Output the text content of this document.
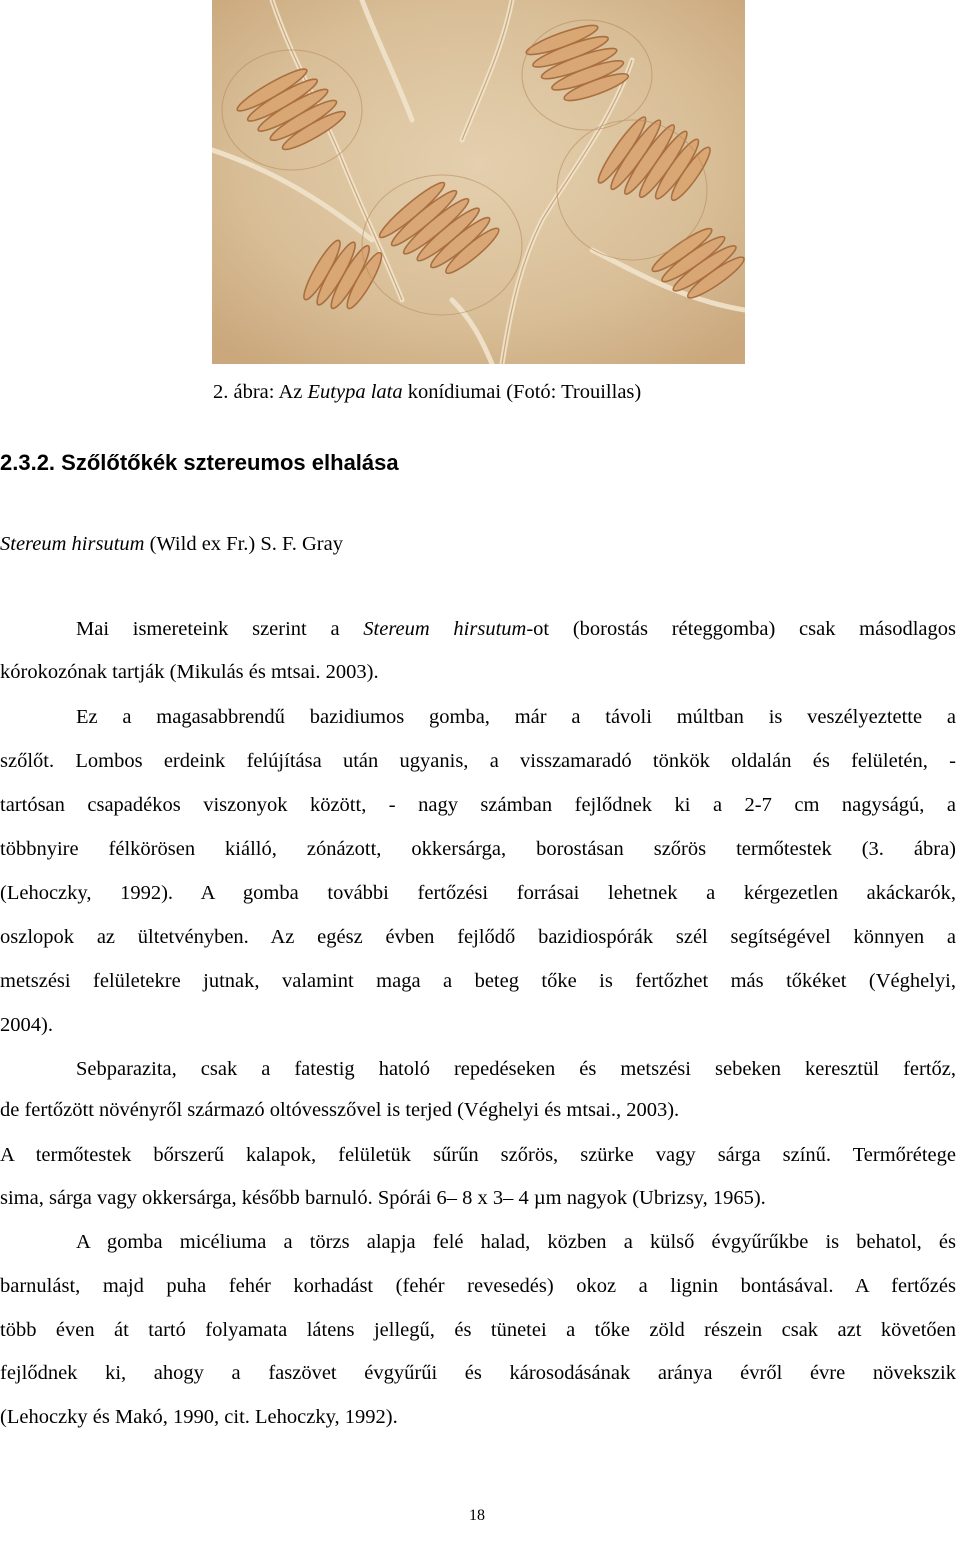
2. ábra: Az Eutypa lata konídiumai (Fotó: Trouillas)
2.3.2. Szőlőtőkék sztereumos elhalása
Stereum hirsutum (Wild ex Fr.) S. F. Gray
Mai ismereteink szerint a Stereum hirsutum-ot (borostás réteggomba) csak másodlagos
kórokozónak tartják (Mikulás és mtsai. 2003).
Ez a magasabbrendű bazidiumos gomba, már a távoli múltban is veszélyeztette a
szőlőt. Lombos erdeink felújítása után ugyanis, a visszamaradó tönkök oldalán és felületén, -
tartósan csapadékos viszonyok között, - nagy számban fejlődnek ki a 2-7 cm nagyságú, a
többnyire félkörösen kiálló, zónázott, okkersárga, borostásan szőrös termőtestek (3. ábra)
(Lehoczky, 1992). A gomba további fertőzési forrásai lehetnek a kérgezetlen akáckarók,
oszlopok az ültetvényben. Az egész évben fejlődő bazidiospórák szél segítségével könnyen a
metszési felületekre jutnak, valamint maga a beteg tőke is fertőzhet más tőkéket (Véghelyi,
2004).
Sebparazita, csak a fatestig hatoló repedéseken és metszési sebeken keresztül fertőz,
de fertőzött növényről származó oltóvesszővel is terjed (Véghelyi és mtsai., 2003).
A termőtestek bőrszerű kalapok, felületük sűrűn szőrös, szürke vagy sárga színű. Termőrétege
sima, sárga vagy okkersárga, később barnuló. Spórái 6– 8 x 3– 4 µm nagyok (Ubrizsy, 1965).
A gomba micéliuma a törzs alapja felé halad, közben a külső évgyűrűkbe is behatol, és
barnulást, majd puha fehér korhadást (fehér revesedés) okoz a lignin bontásával. A fertőzés
több éven át tartó folyamata látens jellegű, és tünetei a tőke zöld részein csak azt követően
fejlődnek ki, ahogy a faszövet évgyűrűi és károsodásának aránya évről évre növekszik
(Lehoczky és Makó, 1990, cit. Lehoczky, 1992).
18
